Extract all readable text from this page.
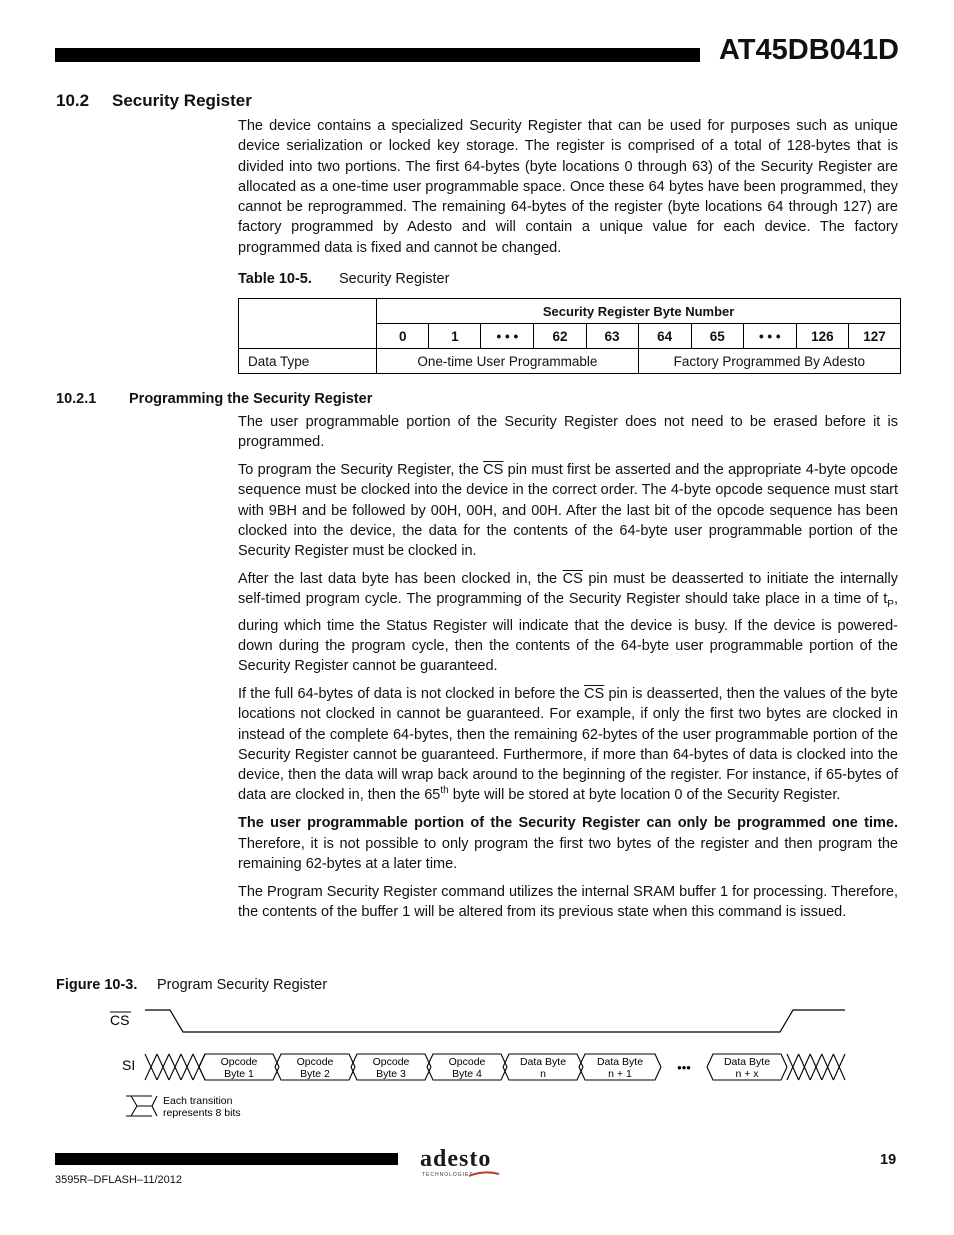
AT45DB041D
10.2 Security Register

The device contains a specialized Security Register that can be used for purposes such as unique device serialization or locked key storage. The register is comprised of a total of 128-bytes that is divided into two portions. The first 64-bytes (byte locations 0 through 63) of the Security Register are allocated as a one-time user programmable space. Once these 64 bytes have been programmed, they cannot be reprogrammed. The remaining 64-bytes of the register (byte locations 64 through 127) are factory programmed by Adesto and will contain a unique value for each device. The factory programmed data is fixed and cannot be changed.

Table 10-5. Security Register
	Security Register Byte Number									
	0	1	• • •	62	63	64	65	• • •	126	127
Data Type	One-time User Programmable					Factory Programmed By Adesto				
10.2.1 Programming the Security Register

The user programmable portion of the Security Register does not need to be erased before it is programmed.

To program the Security Register, the $\overline{CS}$ pin must first be asserted and the appropriate 4-byte opcode sequence must be clocked into the device in the correct order. The 4-byte opcode sequence must start with 9BH and be followed by 00H, 00H, and 00H. After the last bit of the opcode sequence has been clocked into the device, the data for the contents of the 64-byte user programmable portion of the Security Register must be clocked in.

After the last data byte has been clocked in, the $\overline{CS}$ pin must be deasserted to initiate the internally self-timed program cycle. The programming of the Security Register should take place in a time of $t_P$, during which time the Status Register will indicate that the device is busy. If the device is powered-down during the program cycle, then the contents of the 64-byte user programmable portion of the Security Register cannot be guaranteed.

If the full 64-bytes of data is not clocked in before the $\overline{CS}$ pin is deasserted, then the values of the byte locations not clocked in cannot be guaranteed. For example, if only the first two bytes are clocked in instead of the complete 64-bytes, then the remaining 62-bytes of the user programmable portion of the Security Register cannot be guaranteed. Furthermore, if more than 64-bytes of data is clocked into the device, then the data will wrap back around to the beginning of the register. For instance, if 65-bytes of data are clocked in, then the 65th byte will be stored at byte location 0 of the Security Register.

The user programmable portion of the Security Register can only be programmed one time. Therefore, it is not possible to only program the first two bytes of the register and then program the remaining 62-bytes at a later time.

The Program Security Register command utilizes the internal SRAM buffer 1 for processing. Therefore, the contents of the buffer 1 will be altered from its previous state when this command is issued.

Figure 10-3. Program Security Register
CS
SI	Opcode
Byte 1
Opcode
Byte 2
Opcode
Byte 3
Opcode
Byte 4
Data Byte
n
Data Byte
n + 1
Data Byte
n + x
•••
Each transition
represents 8 bits
adesto
TECHNOLOGIES
19
3595R–DFLASH–11/2012
